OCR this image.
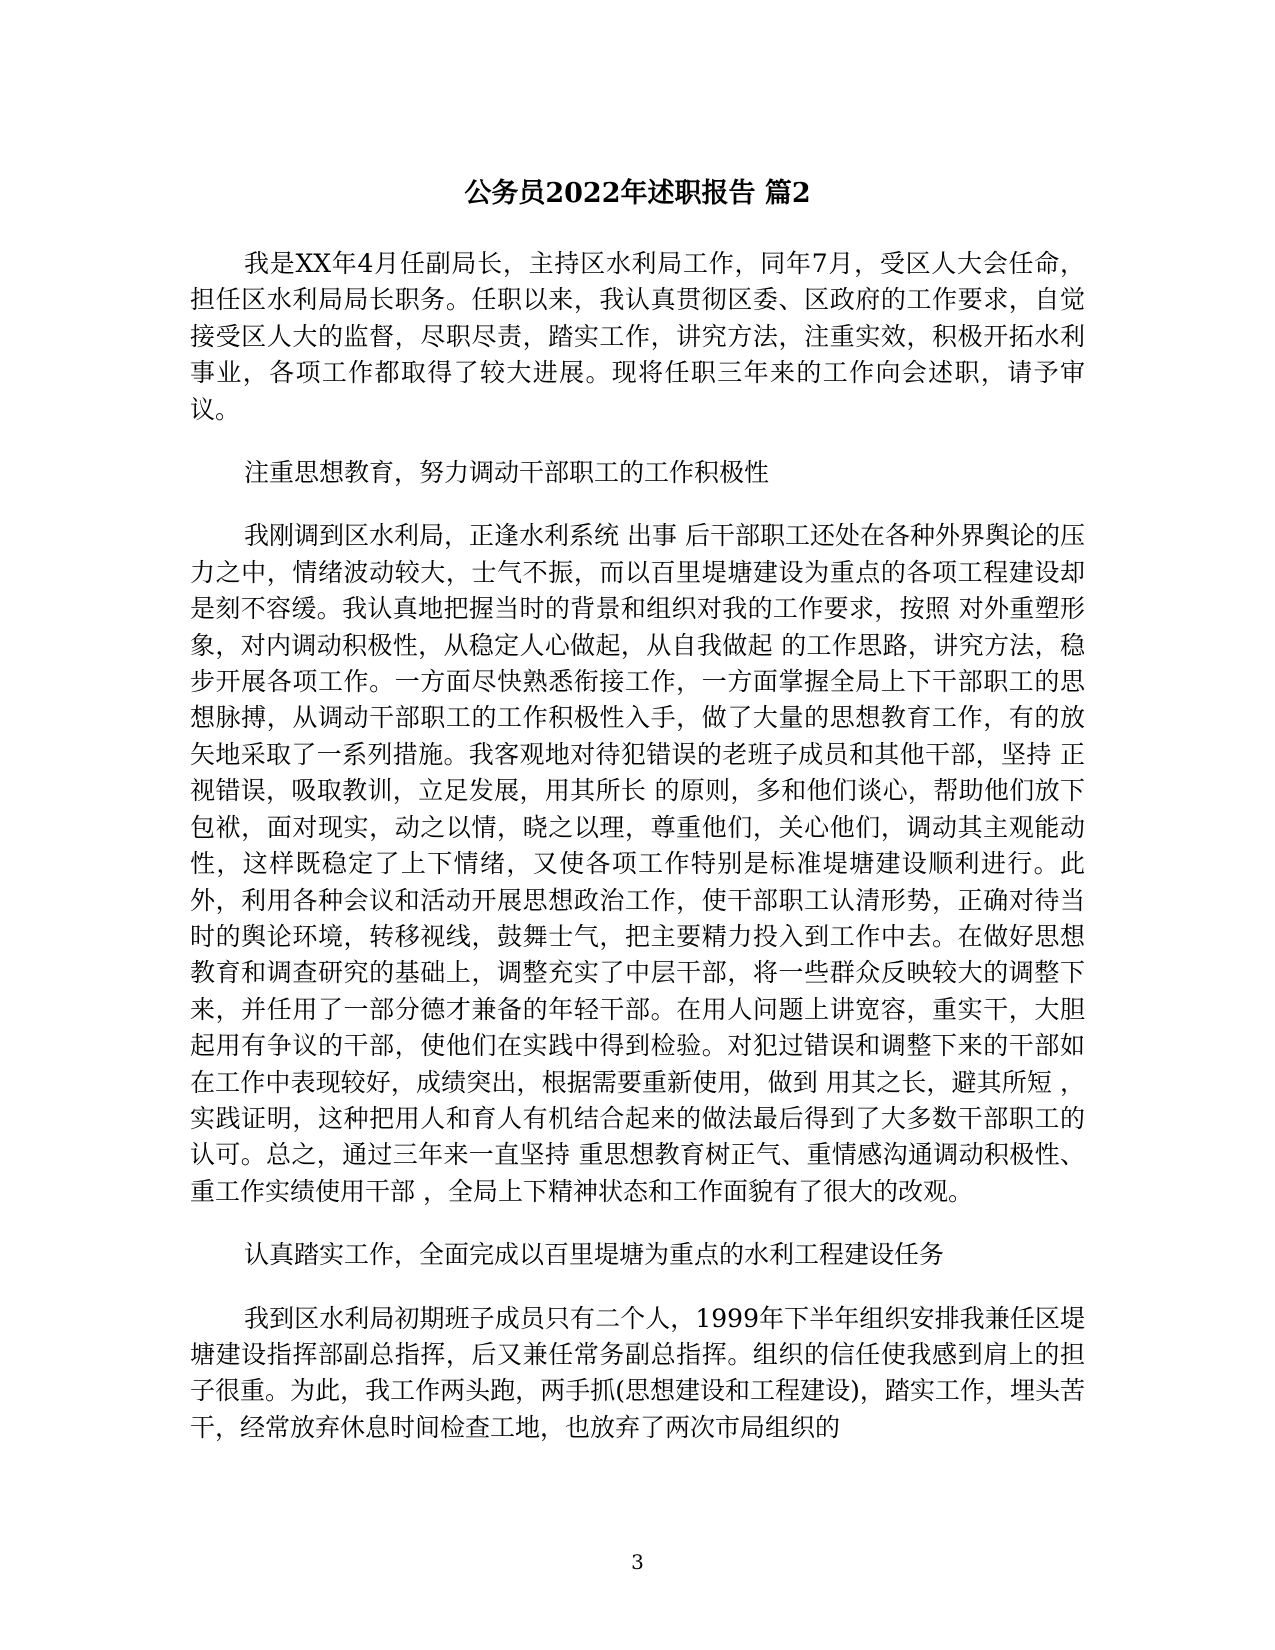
公务员2022年述职报告 篇2

我是XX年4月任副局长，主持区水利局工作，同年7月，受区人大会任命，担任区水利局局长职务。任职以来，我认真贯彻区委、区政府的工作要求，自觉接受区人大的监督，尽职尽责，踏实工作，讲究方法，注重实效，积极开拓水利事业，各项工作都取得了较大进展。现将任职三年来的工作向会述职，请予审议。

注重思想教育，努力调动干部职工的工作积极性

我刚调到区水利局，正逢水利系统 出事 后干部职工还处在各种外界舆论的压力之中，情绪波动较大，士气不振，而以百里堤塘建设为重点的各项工程建设却是刻不容缓。我认真地把握当时的背景和组织对我的工作要求，按照 对外重塑形象，对内调动积极性，从稳定人心做起，从自我做起 的工作思路，讲究方法，稳步开展各项工作。一方面尽快熟悉衔接工作，一方面掌握全局上下干部职工的思想脉搏，从调动干部职工的工作积极性入手，做了大量的思想教育工作，有的放矢地采取了一系列措施。我客观地对待犯错误的老班子成员和其他干部，坚持 正视错误，吸取教训，立足发展，用其所长 的原则，多和他们谈心，帮助他们放下包袱，面对现实，动之以情，晓之以理，尊重他们，关心他们，调动其主观能动性，这样既稳定了上下情绪，又使各项工作特别是标准堤塘建设顺利进行。此外，利用各种会议和活动开展思想政治工作，使干部职工认清形势，正确对待当时的舆论环境，转移视线，鼓舞士气，把主要精力投入到工作中去。在做好思想教育和调查研究的基础上，调整充实了中层干部，将一些群众反映较大的调整下来，并任用了一部分德才兼备的年轻干部。在用人问题上讲宽容，重实干，大胆起用有争议的干部，使他们在实践中得到检验。对犯过错误和调整下来的干部如在工作中表现较好，成绩突出，根据需要重新使用，做到 用其之长，避其所短 ，实践证明，这种把用人和育人有机结合起来的做法最后得到了大多数干部职工的认可。总之，通过三年来一直坚持 重思想教育树正气、重情感沟通调动积极性、重工作实绩使用干部 ，全局上下精神状态和工作面貌有了很大的改观。

认真踏实工作，全面完成以百里堤塘为重点的水利工程建设任务

我到区水利局初期班子成员只有二个人，1999年下半年组织安排我兼任区堤塘建设指挥部副总指挥，后又兼任常务副总指挥。组织的信任使我感到肩上的担子很重。为此，我工作两头跑，两手抓(思想建设和工程建设)，踏实工作，埋头苦干，经常放弃休息时间检查工地，也放弃了两次市局组织的

3
